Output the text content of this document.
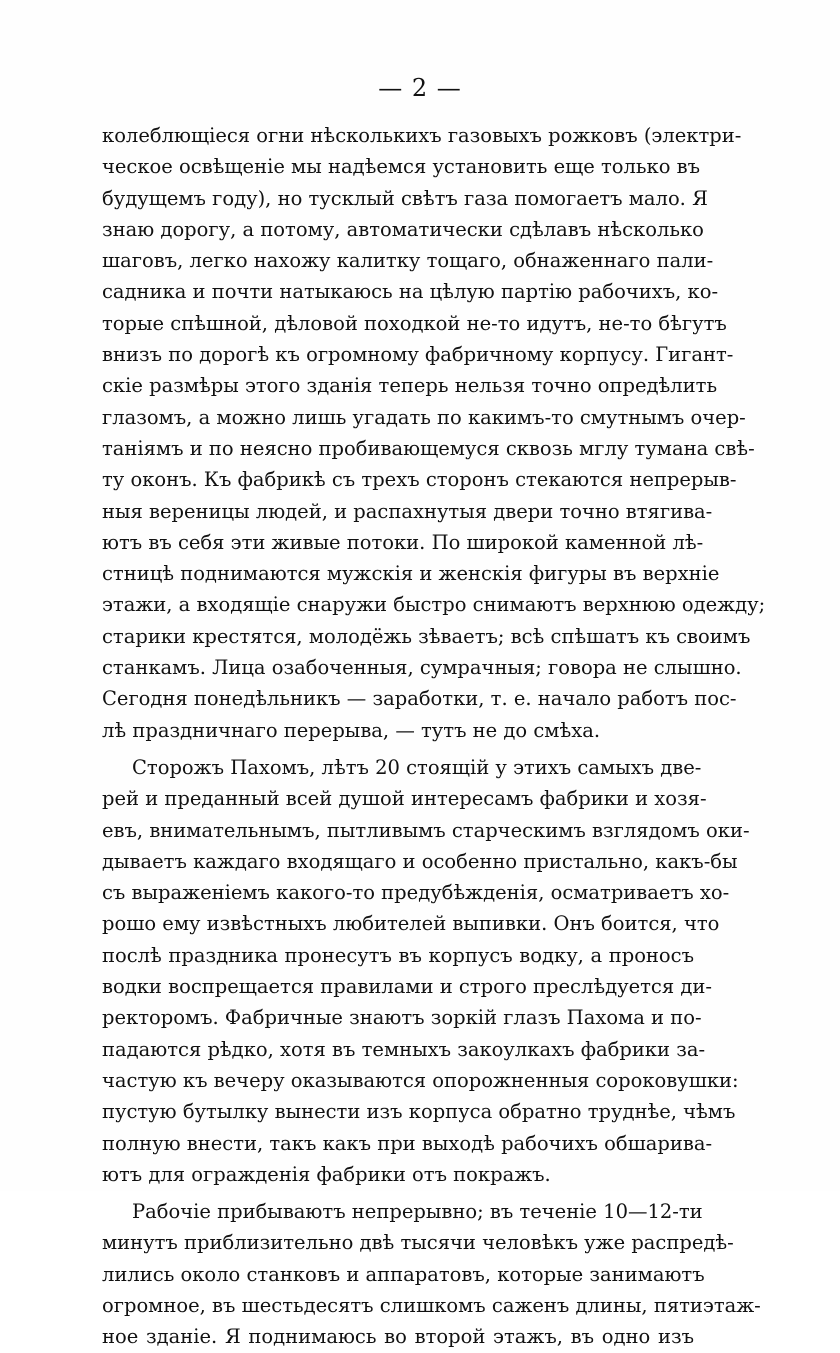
— 2 —
колеблющіеся огни нѣсколькихъ газовыхъ рожковъ (электри-
ческое освѣщеніе мы надѣемся установить еще только въ
будущемъ году), но тусклый свѣтъ газа помогаетъ мало. Я
знаю дорогу, а потому, автоматически сдѣлавъ нѣсколько
шаговъ, легко нахожу калитку тощаго, обнаженнаго пали-
садника и почти натыкаюсь на цѣлую партію рабочихъ, ко-
торые спѣшной, дѣловой походкой не-то идутъ, не-то бѣгутъ
внизъ по дорогѣ къ огромному фабричному корпусу. Гигант-
скіе размѣры этого зданія теперь нельзя точно опредѣлить
глазомъ, а можно лишь угадать по какимъ-то смутнымъ очер-
таніямъ и по неясно пробивающемуся сквозь мглу тумана свѣ-
ту оконъ. Къ фабрикѣ съ трехъ сторонъ стекаются непрерыв-
ныя вереницы людей, и распахнутыя двери точно втягива-
ютъ въ себя эти живые потоки. По широкой каменной лѣ-
стницѣ поднимаются мужскія и женскія фигуры въ верхніе
этажи, а входящіе снаружи быстро снимаютъ верхнюю одежду;
старики крестятся, молодёжь зѣваетъ; всѣ спѣшатъ къ своимъ
станкамъ. Лица озабоченныя, сумрачныя; говора не слышно.
Сегодня понедѣльникъ — заработки, т. е. начало работъ пос-
лѣ праздничнаго перерыва, — тутъ не до смѣха.
Сторожъ Пахомъ, лѣтъ 20 стоящій у этихъ самыхъ две-
рей и преданный всей душой интересамъ фабрики и хозя-
евъ, внимательнымъ, пытливымъ старческимъ взглядомъ оки-
дываетъ каждаго входящаго и особенно пристально, какъ-бы
съ выраженіемъ какого-то предубѣжденія, осматриваетъ хо-
рошо ему извѣстныхъ любителей выпивки. Онъ боится, что
послѣ праздника пронесутъ въ корпусъ водку, а проносъ
водки воспрещается правилами и строго преслѣдуется ди-
ректоромъ. Фабричные знаютъ зоркій глазъ Пахома и по-
падаются рѣдко, хотя въ темныхъ закоулкахъ фабрики за-
частую къ вечеру оказываются опорожненныя сороковушки:
пустую бутылку вынести изъ корпуса обратно труднѣе, чѣмъ
полную внести, такъ какъ при выходѣ рабочихъ обшарива-
ютъ для огражденія фабрики отъ покражъ.
Рабочіе прибываютъ непрерывно; въ теченіе 10—12-ти
минутъ приблизительно двѣ тысячи человѣкъ уже распредѣ-
лились около станковъ и аппаратовъ, которые занимаютъ
огромное, въ шестьдесятъ слишкомъ саженъ длины, пятиэтаж-
ное зданіе. Я поднимаюсь во второй этажъ, въ одно изъ
